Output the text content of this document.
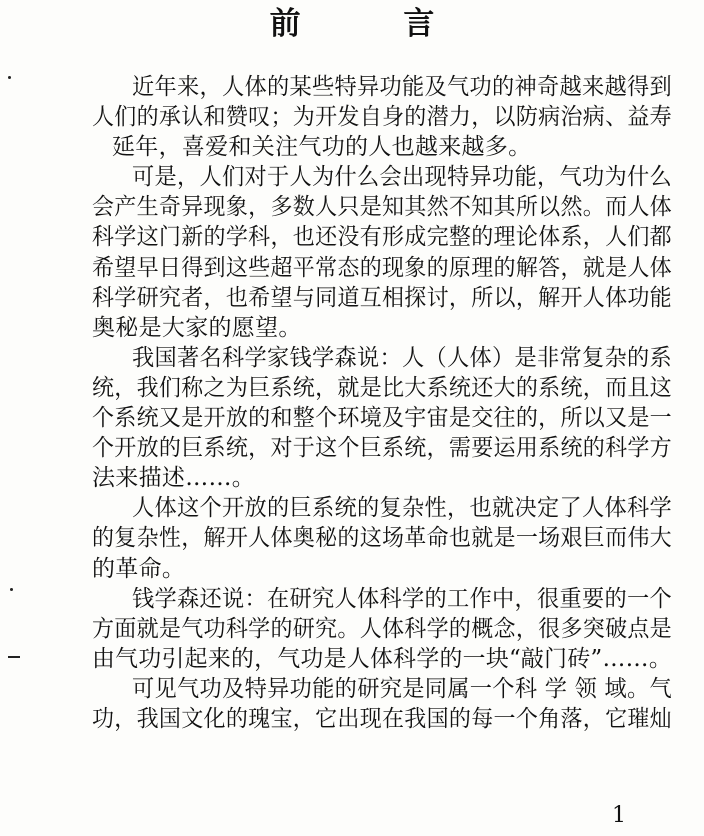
前 言

近年来，人体的某些特异功能及气功的神奇越来越得到
人们的承认和赞叹；为开发自身的潜力，以防病治病、益寿
延年，喜爱和关注气功的人也越来越多。

可是，人们对于人为什么会出现特异功能，气功为什么
会产生奇异现象，多数人只是知其然不知其所以然。而人体
科学这门新的学科，也还没有形成完整的理论体系，人们都
希望早日得到这些超平常态的现象的原理的解答，就是人体
科学研究者，也希望与同道互相探讨，所以，解开人体功能
奥秘是大家的愿望。

我国著名科学家钱学森说：人（人体）是非常复杂的系
统，我们称之为巨系统，就是比大系统还大的系统，而且这
个系统又是开放的和整个环境及宇宙是交往的，所以又是一
个开放的巨系统，对于这个巨系统，需要运用系统的科学方
法来描述……。

人体这个开放的巨系统的复杂性，也就决定了人体科学
的复杂性，解开人体奥秘的这场革命也就是一场艰巨而伟大
的革命。

钱学森还说：在研究人体科学的工作中，很重要的一个
方面就是气功科学的研究。人体科学的概念，很多突破点是
由气功引起来的，气功是人体科学的一块“敲门砖”……。

可见气功及特异功能的研究是同属一个科 学 领 域。气
功，我国文化的瑰宝，它出现在我国的每一个角落，它璀灿

1
